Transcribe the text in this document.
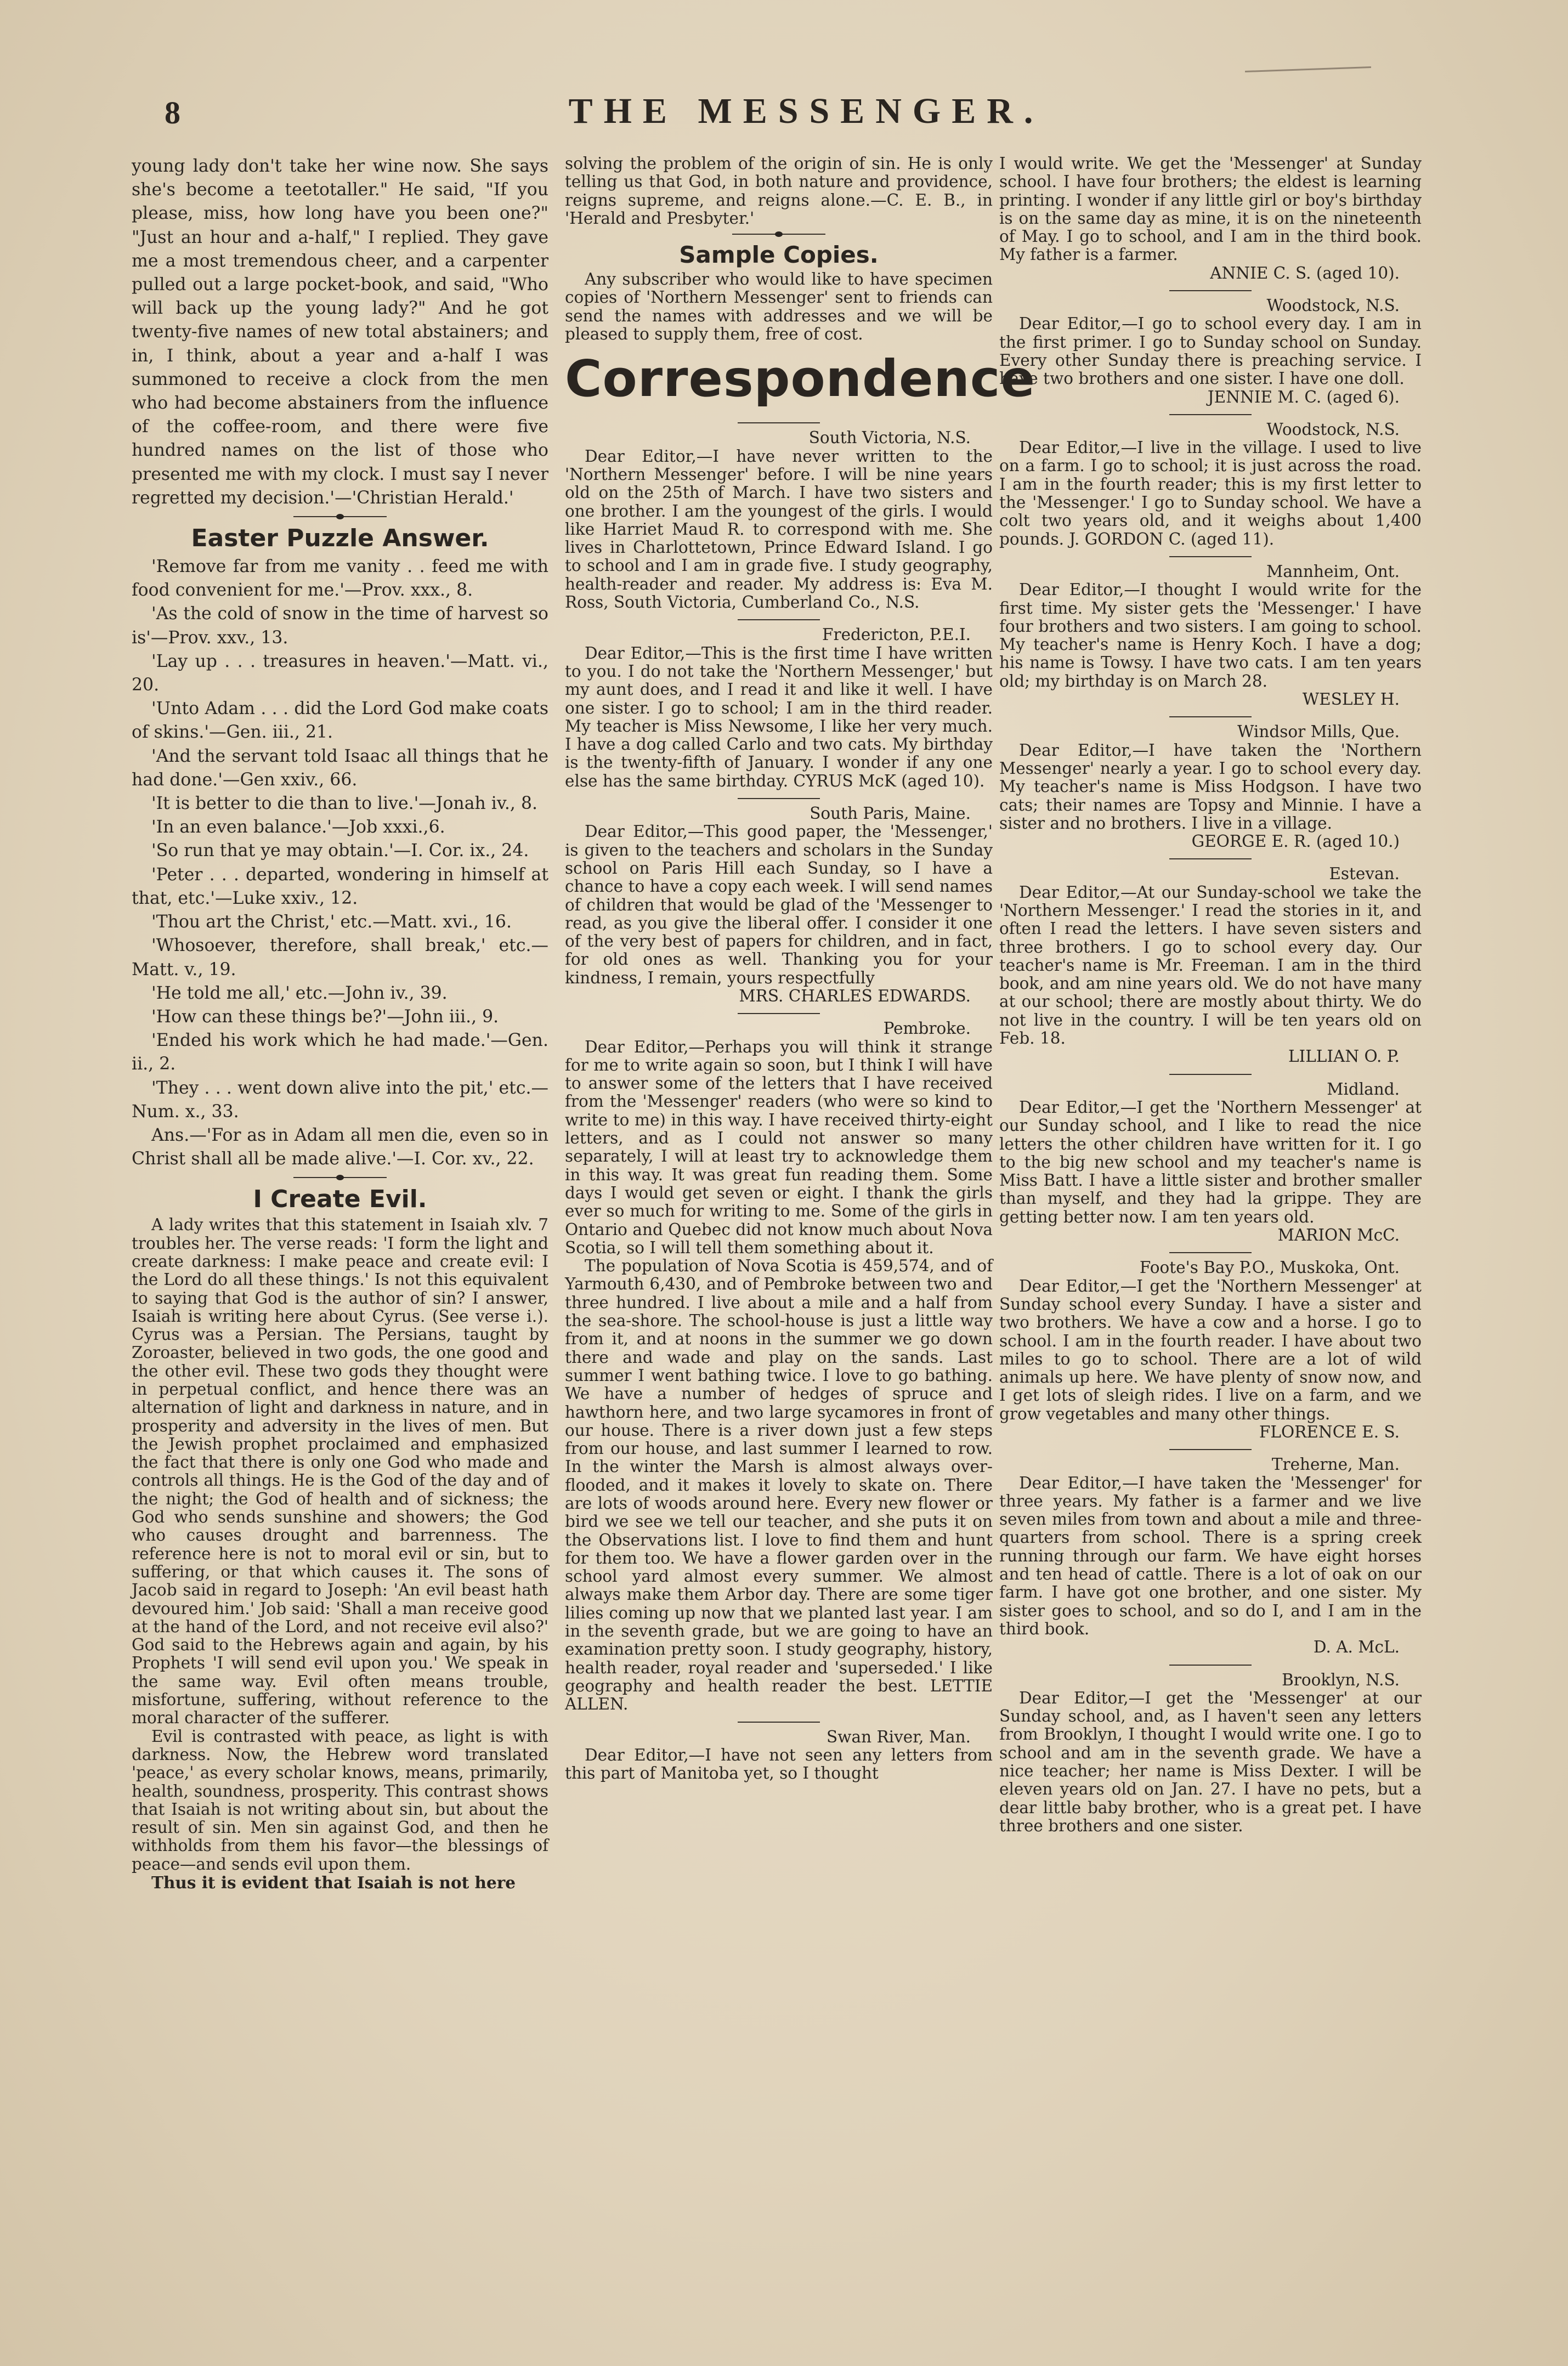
8	THE MESSENGER.

young lady don't take her wine now. She says she's become a teetotaller." He said, "If you please, miss, how long have you been one?" "Just an hour and a-half," I replied. They gave me a most tremendous cheer, and a carpenter pulled out a large pocket-book, and said, "Who will back up the young lady?" And he got twenty-five names of new total abstainers; and in, I think, about a year and a-half I was summoned to receive a clock from the men who had become abstainers from the influence of the coffee-room, and there were five hundred names on the list of those who presented me with my clock. I must say I never regretted my decision.'—'Christian Herald.'

Easter Puzzle Answer.

'Remove far from me vanity . . feed me with food convenient for me.'—Prov. xxx., 8.

'As the cold of snow in the time of harvest so is'—Prov. xxv., 13.

'Lay up . . . treasures in heaven.'—Matt. vi., 20.

'Unto Adam . . . did the Lord God make coats of skins.'—Gen. iii., 21.

'And the servant told Isaac all things that he had done.'—Gen xxiv., 66.

'It is better to die than to live.'—Jonah iv., 8.

'In an even balance.'—Job xxxi.,6.

'So run that ye may obtain.'—I. Cor. ix., 24.

'Peter . . . departed, wondering in himself at that, etc.'—Luke xxiv., 12.

'Thou art the Christ,' etc.—Matt. xvi., 16.

'Whosoever, therefore, shall break,' etc.—Matt. v., 19.

'He told me all,' etc.—John iv., 39.

'How can these things be?'—John iii., 9.

'Ended his work which he had made.'—Gen. ii., 2.

'They . . . went down alive into the pit,' etc.—Num. x., 33.

Ans.—'For as in Adam all men die, even so in Christ shall all be made alive.'—I. Cor. xv., 22.

I Create Evil.

A lady writes that this statement in Isaiah xlv. 7 troubles her. The verse reads: 'I form the light and create darkness: I make peace and create evil: I the Lord do all these things.' Is not this equivalent to saying that God is the author of sin? I answer, Isaiah is writing here about Cyrus. (See verse i.). Cyrus was a Persian. The Persians, taught by Zoroaster, believed in two gods, the one good and the other evil. These two gods they thought were in perpetual conflict, and hence there was an alternation of light and darkness in nature, and in prosperity and adversity in the lives of men. But the Jewish prophet proclaimed and emphasized the fact that there is only one God who made and controls all things. He is the God of the day and of the night; the God of health and of sickness; the God who sends sunshine and showers; the God who causes drought and barrenness. The reference here is not to moral evil or sin, but to suffering, or that which causes it. The sons of Jacob said in regard to Joseph: 'An evil beast hath devoured him.' Job said: 'Shall a man receive good at the hand of the Lord, and not receive evil also?' God said to the Hebrews again and again, by his Prophets 'I will send evil upon you.' We speak in the same way. Evil often means trouble, misfortune, suffering, without reference to the moral character of the sufferer.

Evil is contrasted with peace, as light is with darkness. Now, the Hebrew word translated 'peace,' as every scholar knows, means, primarily, health, soundness, prosperity. This contrast shows that Isaiah is not writing about sin, but about the result of sin. Men sin against God, and then he withholds from them his favor—the blessings of peace—and sends evil upon them.

Thus it is evident that Isaiah is not here

solving the problem of the origin of sin. He is only telling us that God, in both nature and providence, reigns supreme, and reigns alone.—C. E. B., in 'Herald and Presbyter.'

Sample Copies.

Any subscriber who would like to have specimen copies of 'Northern Messenger' sent to friends can send the names with addresses and we will be pleased to supply them, free of cost.

Correspondence

South Victoria, N.S.

Dear Editor,—I have never written to the 'Northern Messenger' before. I will be nine years old on the 25th of March. I have two sisters and one brother. I am the youngest of the girls. I would like Harriet Maud R. to correspond with me. She lives in Charlottetown, Prince Edward Island. I go to school and I am in grade five. I study geography, health-reader and reader. My address is: Eva M. Ross, South Victoria, Cumberland Co., N.S.

Fredericton, P.E.I.

Dear Editor,—This is the first time I have written to you. I do not take the 'Northern Messenger,' but my aunt does, and I read it and like it well. I have one sister. I go to school; I am in the third reader. My teacher is Miss Newsome, I like her very much. I have a dog called Carlo and two cats. My birthday is the twenty-fifth of January. I wonder if any one else has the same birthday. CYRUS McK (aged 10).

South Paris, Maine.

Dear Editor,—This good paper, the 'Messenger,' is given to the teachers and scholars in the Sunday school on Paris Hill each Sunday, so I have a chance to have a copy each week. I will send names of children that would be glad of the 'Messenger to read, as you give the liberal offer. I consider it one of the very best of papers for children, and in fact, for old ones as well. Thanking you for your kindness, I remain, yours respectfully

MRS. CHARLES EDWARDS.

Pembroke.

Dear Editor,—Perhaps you will think it strange for me to write again so soon, but I think I will have to answer some of the letters that I have received from the 'Messenger' readers (who were so kind to write to me) in this way. I have received thirty-eight letters, and as I could not answer so many separately, I will at least try to acknowledge them in this way. It was great fun reading them. Some days I would get seven or eight. I thank the girls ever so much for writing to me. Some of the girls in Ontario and Quebec did not know much about Nova Scotia, so I will tell them something about it.

The population of Nova Scotia is 459,574, and of Yarmouth 6,430, and of Pembroke between two and three hundred. I live about a mile and a half from the sea-shore. The school-house is just a little way from it, and at noons in the summer we go down there and wade and play on the sands. Last summer I went bathing twice. I love to go bathing. We have a number of hedges of spruce and hawthorn here, and two large sycamores in front of our house. There is a river down just a few steps from our house, and last summer I learned to row. In the winter the Marsh is almost always over-flooded, and it makes it lovely to skate on. There are lots of woods around here. Every new flower or bird we see we tell our teacher, and she puts it on the Observations list. I love to find them and hunt for them too. We have a flower garden over in the school yard almost every summer. We almost always make them Arbor day. There are some tiger lilies coming up now that we planted last year. I am in the seventh grade, but we are going to have an examination pretty soon. I study geography, history, health reader, royal reader and 'superseded.' I like geography and health reader the best. LETTIE ALLEN.

Swan River, Man.

Dear Editor,—I have not seen any letters from this part of Manitoba yet, so I thought

I would write. We get the 'Messenger' at Sunday school. I have four brothers; the eldest is learning printing. I wonder if any little girl or boy's birthday is on the same day as mine, it is on the nineteenth of May. I go to school, and I am in the third book. My father is a farmer.

ANNIE C. S. (aged 10).

Woodstock, N.S.

Dear Editor,—I go to school every day. I am in the first primer. I go to Sunday school on Sunday. Every other Sunday there is preaching service. I have two brothers and one sister. I have one doll.

JENNIE M. C. (aged 6).

Woodstock, N.S.

Dear Editor,—I live in the village. I used to live on a farm. I go to school; it is just across the road. I am in the fourth reader; this is my first letter to the 'Messenger.' I go to Sunday school. We have a colt two years old, and it weighs about 1,400 pounds. J. GORDON C. (aged 11).

Mannheim, Ont.

Dear Editor,—I thought I would write for the first time. My sister gets the 'Messenger.' I have four brothers and two sisters. I am going to school. My teacher's name is Henry Koch. I have a dog; his name is Towsy. I have two cats. I am ten years old; my birthday is on March 28.

WESLEY H.

Windsor Mills, Que.

Dear Editor,—I have taken the 'Northern Messenger' nearly a year. I go to school every day. My teacher's name is Miss Hodgson. I have two cats; their names are Topsy and Minnie. I have a sister and no brothers. I live in a village.

GEORGE E. R. (aged 10.)

Estevan.

Dear Editor,—At our Sunday-school we take the 'Northern Messenger.' I read the stories in it, and often I read the letters. I have seven sisters and three brothers. I go to school every day. Our teacher's name is Mr. Freeman. I am in the third book, and am nine years old. We do not have many at our school; there are mostly about thirty. We do not live in the country. I will be ten years old on Feb. 18.

LILLIAN O. P.

Midland.

Dear Editor,—I get the 'Northern Messenger' at our Sunday school, and I like to read the nice letters the other children have written for it. I go to the big new school and my teacher's name is Miss Batt. I have a little sister and brother smaller than myself, and they had la grippe. They are getting better now. I am ten years old.

MARION McC.

Foote's Bay P.O., Muskoka, Ont.

Dear Editor,—I get the 'Northern Messenger' at Sunday school every Sunday. I have a sister and two brothers. We have a cow and a horse. I go to school. I am in the fourth reader. I have about two miles to go to school. There are a lot of wild animals up here. We have plenty of snow now, and I get lots of sleigh rides. I live on a farm, and we grow vegetables and many other things.

FLORENCE E. S.

Treherne, Man.

Dear Editor,—I have taken the 'Messenger' for three years. My father is a farmer and we live seven miles from town and about a mile and three-quarters from school. There is a spring creek running through our farm. We have eight horses and ten head of cattle. There is a lot of oak on our farm. I have got one brother, and one sister. My sister goes to school, and so do I, and I am in the third book.

D. A. McL.

Brooklyn, N.S.

Dear Editor,—I get the 'Messenger' at our Sunday school, and, as I haven't seen any letters from Brooklyn, I thought I would write one. I go to school and am in the seventh grade. We have a nice teacher; her name is Miss Dexter. I will be eleven years old on Jan. 27. I have no pets, but a dear little baby brother, who is a great pet. I have three brothers and one sister.
